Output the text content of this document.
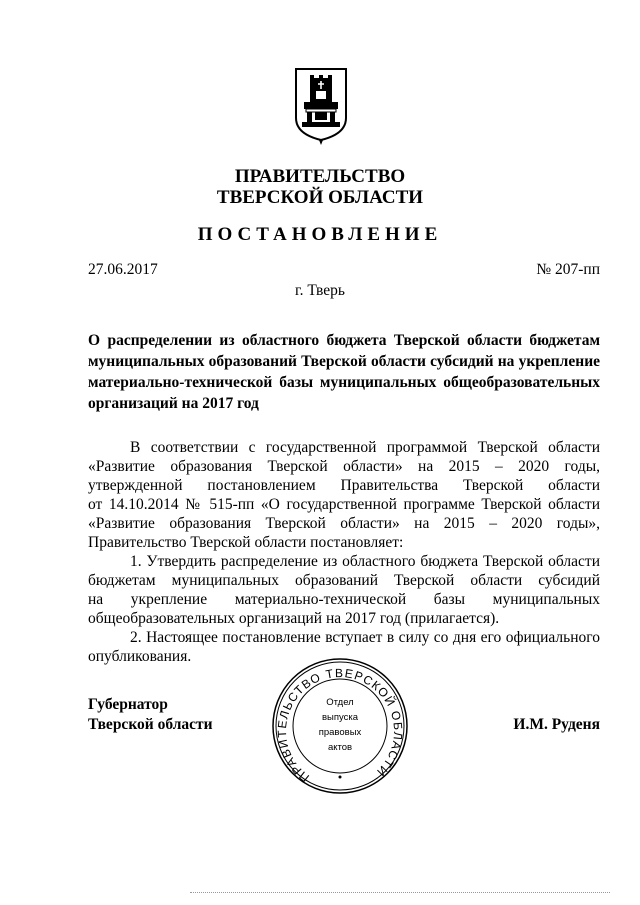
ПРАВИТЕЛЬСТВО
ТВЕРСКОЙ ОБЛАСТИ
ПОСТАНОВЛЕНИЕ
27.06.2017	№ 207-пп
г. Тверь
О распределении из областного бюджета Тверской области бюджетам
муниципальных образований Тверской области субсидий на укрепление
материально-технической базы муниципальных общеобразовательных
организаций на 2017 год
В соответствии с государственной программой Тверской области
«Развитие образования Тверской области» на 2015 – 2020 годы,
утвержденной постановлением Правительства Тверской области
от 14.10.2014 № 515-пп «О государственной программе Тверской области
«Развитие образования Тверской области» на 2015 – 2020 годы»,
Правительство Тверской области постановляет:
1. Утвердить распределение из областного бюджета Тверской области
бюджетам муниципальных образований Тверской области субсидий
на укрепление материально-технической базы муниципальных
общеобразовательных организаций на 2017 год (прилагается).
2. Настоящее постановление вступает в силу со дня его официального
опубликования.
Губернатор
Тверской области	И.М. Руденя
ПРАВИТЕЛЬСТВО ТВЕРСКОЙ ОБЛАСТИ
Отдел
выпуска
правовых
актов
